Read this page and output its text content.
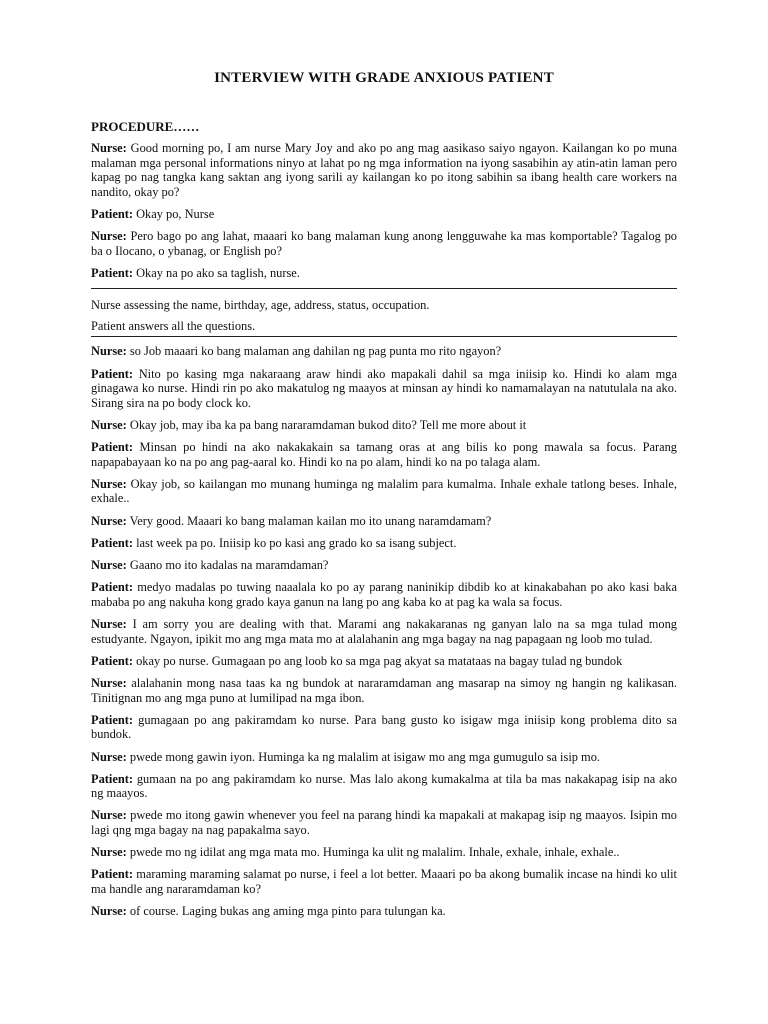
INTERVIEW WITH GRADE ANXIOUS PATIENT
PROCEDURE……
Nurse: Good morning po, I am nurse Mary Joy and ako po ang mag aasikaso saiyo ngayon. Kailangan ko po muna malaman mga personal informations ninyo at lahat po ng mga information na iyong sasabihin ay atin-atin laman pero kapag po nag tangka kang saktan ang iyong sarili ay kailangan ko po itong sabihin sa ibang health care workers na nandito, okay po?
Patient: Okay po, Nurse
Nurse: Pero bago po ang lahat, maaari ko bang malaman kung anong lengguwahe ka mas komportable? Tagalog po ba o Ilocano, o ybanag, or English po?
Patient: Okay na po ako sa taglish, nurse.
Nurse assessing the name, birthday, age, address, status, occupation.
Patient answers all the questions.
Nurse: so Job maaari ko bang malaman ang dahilan ng pag punta mo rito ngayon?
Patient: Nito po kasing mga nakaraang araw hindi ako mapakali dahil sa mga iniisip ko. Hindi ko alam mga ginagawa ko nurse. Hindi rin po ako makatulog ng maayos at minsan ay hindi ko namamalayan na natutulala na ako. Sirang sira na po body clock ko.
Nurse: Okay job, may iba ka pa bang nararamdaman bukod dito? Tell me more about it
Patient: Minsan po hindi na ako nakakakain sa tamang oras at ang bilis ko pong mawala sa focus. Parang napapabayaan ko na po ang pag-aaral ko. Hindi ko na po alam, hindi ko na po talaga alam.
Nurse: Okay job, so kailangan mo munang huminga ng malalim para kumalma. Inhale exhale tatlong beses. Inhale, exhale..
Nurse: Very good. Maaari ko bang malaman kailan mo ito unang naramdamam?
Patient: last week pa po. Iniisip ko po kasi ang grado ko sa isang subject.
Nurse: Gaano mo ito kadalas na maramdaman?
Patient: medyo madalas po tuwing naaalala ko po ay parang naninikip dibdib ko at kinakabahan po ako kasi baka mababa po ang nakuha kong grado kaya ganun na lang po ang kaba ko at pag ka wala sa focus.
Nurse: I am sorry you are dealing with that. Marami ang nakakaranas ng ganyan lalo na sa mga tulad mong estudyante. Ngayon, ipikit mo ang mga mata mo at alalahanin ang mga bagay na nag papagaan ng loob mo tulad.
Patient: okay po nurse. Gumagaan po ang loob ko sa mga pag akyat sa matataas na bagay tulad ng bundok
Nurse: alalahanin mong nasa taas ka ng bundok at nararamdaman ang masarap na simoy ng hangin ng kalikasan. Tinitignan mo ang mga puno at lumilipad na mga ibon.
Patient: gumagaan po ang pakiramdam ko nurse. Para bang gusto ko isigaw mga iniisip kong problema dito sa bundok.
Nurse: pwede mong gawin iyon. Huminga ka ng malalim at isigaw mo ang mga gumugulo sa isip mo.
Patient: gumaan na po ang pakiramdam ko nurse. Mas lalo akong kumakalma at tila ba mas nakakapag isip na ako ng maayos.
Nurse: pwede mo itong gawin whenever you feel na parang hindi ka mapakali at makapag isip ng maayos. Isipin mo lagi qng mga bagay na nag papakalma sayo.
Nurse: pwede mo ng idilat ang mga mata mo. Huminga ka ulit ng malalim. Inhale, exhale, inhale, exhale..
Patient: maraming maraming salamat po nurse, i feel a lot better. Maaari po ba akong bumalik incase na hindi ko ulit ma handle ang nararamdaman ko?
Nurse: of course. Laging bukas ang aming mga pinto para tulungan ka.
